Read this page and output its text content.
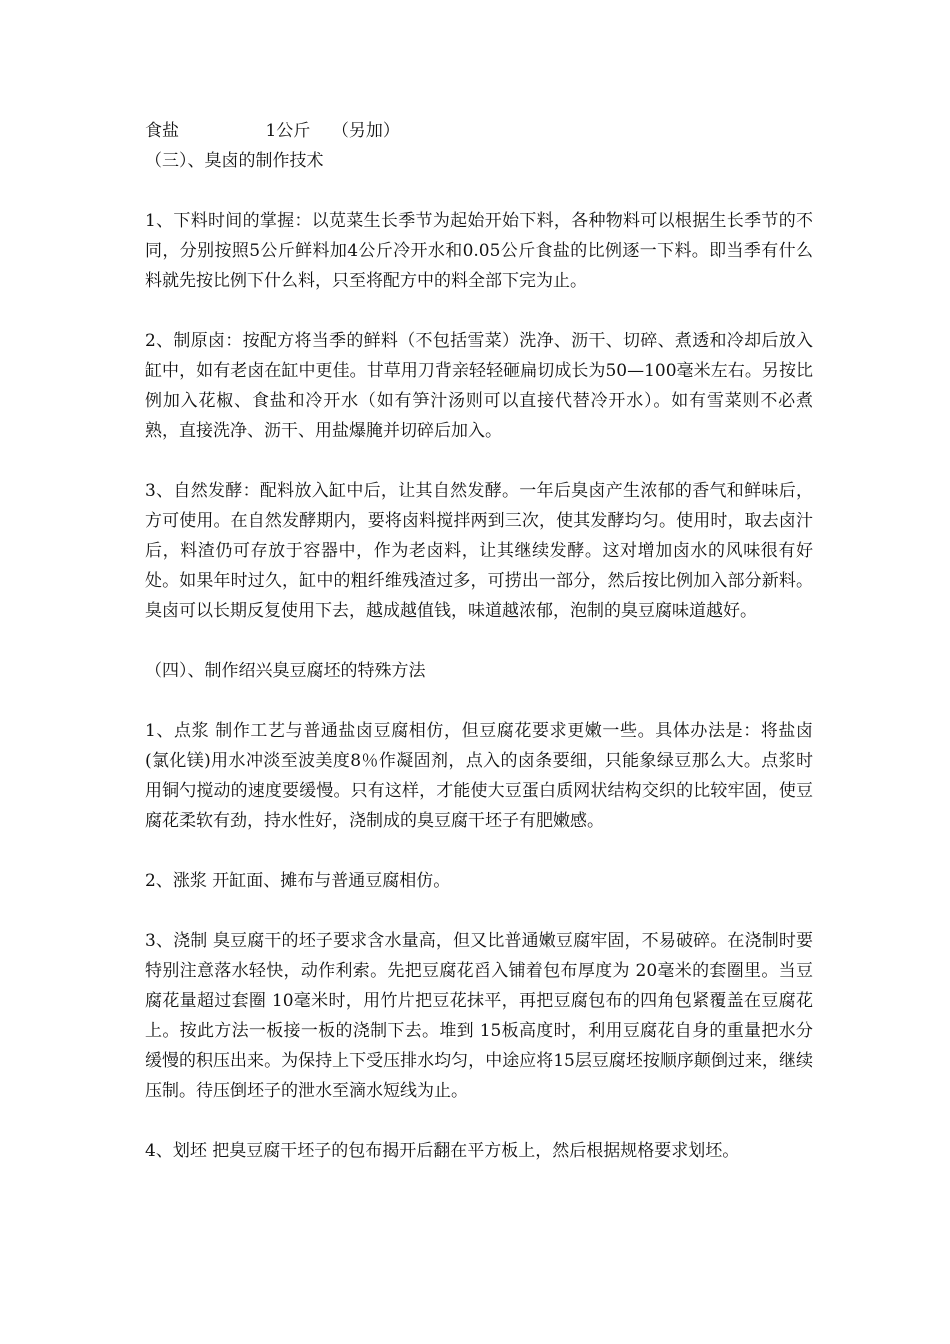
食盐                1公斤    （另加）

（三）、臭卤的制作技术

1、下料时间的掌握：以苋菜生长季节为起始开始下料，各种物料可以根据生长季节的不同，分别按照5公斤鲜料加4公斤冷开水和0.05公斤食盐的比例逐一下料。即当季有什么料就先按比例下什么料，只至将配方中的料全部下完为止。

2、制原卤：按配方将当季的鲜料（不包括雪菜）洗净、沥干、切碎、煮透和冷却后放入缸中，如有老卤在缸中更佳。甘草用刀背亲轻轻砸扁切成长为50—100毫米左右。另按比例加入花椒、食盐和冷开水（如有笋汁汤则可以直接代替冷开水）。如有雪菜则不必煮熟，直接洗净、沥干、用盐爆腌并切碎后加入。

3、自然发酵：配料放入缸中后，让其自然发酵。一年后臭卤产生浓郁的香气和鲜味后，方可使用。在自然发酵期内，要将卤料搅拌两到三次，使其发酵均匀。使用时，取去卤汁后，料渣仍可存放于容器中，作为老卤料，让其继续发酵。这对增加卤水的风味很有好处。如果年时过久，缸中的粗纤维残渣过多，可捞出一部分，然后按比例加入部分新料。臭卤可以长期反复使用下去，越成越值钱，味道越浓郁，泡制的臭豆腐味道越好。

（四）、制作绍兴臭豆腐坯的特殊方法

1、点浆 制作工艺与普通盐卤豆腐相仿，但豆腐花要求更嫩一些。具体办法是：将盐卤(氯化镁)用水冲淡至波美度8％作凝固剂，点入的卤条要细，只能象绿豆那么大。点浆时用铜勺搅动的速度要缓慢。只有这样，才能使大豆蛋白质网状结构交织的比较牢固，使豆腐花柔软有劲，持水性好，浇制成的臭豆腐干坯子有肥嫩感。

2、涨浆 开缸面、摊布与普通豆腐相仿。

3、浇制 臭豆腐干的坯子要求含水量高，但又比普通嫩豆腐牢固，不易破碎。在浇制时要特别注意落水轻快，动作利索。先把豆腐花舀入铺着包布厚度为 20毫米的套圈里。当豆腐花量超过套圈 10毫米时，用竹片把豆花抹平，再把豆腐包布的四角包紧覆盖在豆腐花上。按此方法一板接一板的浇制下去。堆到 15板高度时，利用豆腐花自身的重量把水分缓慢的积压出来。为保持上下受压排水均匀，中途应将15层豆腐坯按顺序颠倒过来，继续压制。待压倒坯子的泄水至滴水短线为止。

4、划坯 把臭豆腐干坯子的包布揭开后翻在平方板上，然后根据规格要求划坯。
